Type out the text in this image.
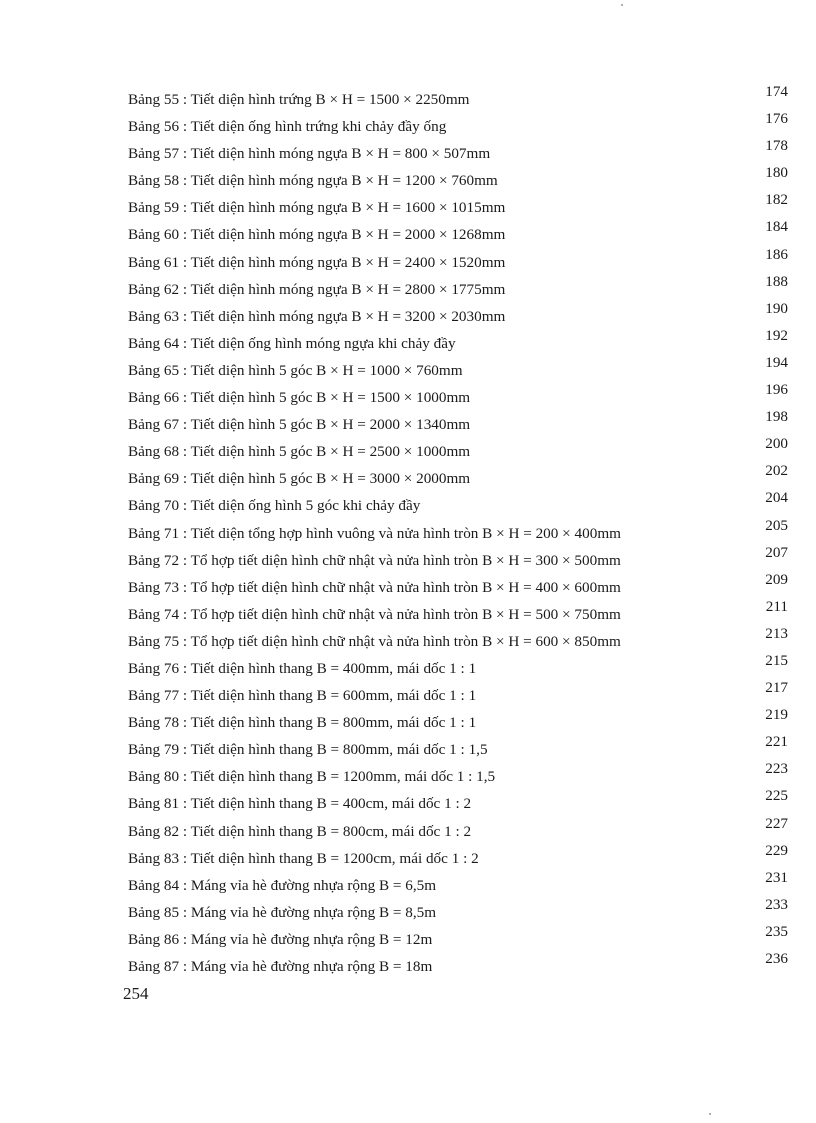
Bảng 55 : Tiết diện hình trứng B × H = 1500 × 2250mm	174
Bảng 56 : Tiết diện ống hình trứng khi chảy đầy ống	176
Bảng 57 : Tiết diện hình móng ngựa B × H = 800 × 507mm	178
Bảng 58 : Tiết diện hình móng ngựa B × H = 1200 × 760mm	180
Bảng 59 : Tiết diện hình móng ngựa B × H = 1600 × 1015mm	182
Bảng 60 : Tiết diện hình móng ngựa B × H = 2000 × 1268mm	184
Bảng 61 : Tiết diện hình móng ngựa B × H = 2400 × 1520mm	186
Bảng 62 : Tiết diện hình móng ngựa B × H = 2800 × 1775mm	188
Bảng 63 : Tiết diện hình móng ngựa B × H = 3200 × 2030mm	190
Bảng 64 : Tiết diện ống hình móng ngựa khi chảy đầy	192
Bảng 65 : Tiết diện hình 5 góc B × H = 1000 × 760mm	194
Bảng 66 : Tiết diện hình 5 góc B × H = 1500 × 1000mm	196
Bảng 67 : Tiết diện hình 5 góc B × H = 2000 × 1340mm	198
Bảng 68 : Tiết diện hình 5 góc B × H = 2500 × 1000mm	200
Bảng 69 : Tiết diện hình 5 góc B × H = 3000 × 2000mm	202
Bảng 70 : Tiết diện ống hình 5 góc khi chảy đầy	204
Bảng 71 : Tiết diện tổng hợp hình vuông và nửa hình tròn B × H = 200 × 400mm	205
Bảng 72 : Tổ hợp tiết diện hình chữ nhật và nửa hình tròn B × H = 300 × 500mm	207
Bảng 73 : Tổ hợp tiết diện hình chữ nhật và nửa hình tròn B × H = 400 × 600mm	209
Bảng 74 : Tổ hợp tiết diện hình chữ nhật và nửa hình tròn B × H = 500 × 750mm	211
Bảng 75 : Tổ hợp tiết diện hình chữ nhật và nửa hình tròn B × H = 600 × 850mm	213
Bảng 76 : Tiết diện hình thang B = 400mm, mái dốc 1 : 1	215
Bảng 77 : Tiết diện hình thang B = 600mm, mái dốc 1 : 1	217
Bảng 78 : Tiết diện hình thang B = 800mm, mái dốc 1 : 1	219
Bảng 79 : Tiết diện hình thang B = 800mm, mái dốc 1 : 1,5	221
Bảng 80 : Tiết diện hình thang B = 1200mm, mái dốc 1 : 1,5	223
Bảng 81 : Tiết diện hình thang B = 400cm, mái dốc 1 : 2	225
Bảng 82 : Tiết diện hình thang B = 800cm, mái dốc 1 : 2	227
Bảng 83 : Tiết diện hình thang B = 1200cm, mái dốc 1 : 2	229
Bảng 84 : Máng vỉa hè đường nhựa rộng B = 6,5m	231
Bảng 85 : Máng vỉa hè đường nhựa rộng B = 8,5m	233
Bảng 86 : Máng vỉa hè đường nhựa rộng B = 12m	235
Bảng 87 : Máng vỉa hè đường nhựa rộng B = 18m	236
254
